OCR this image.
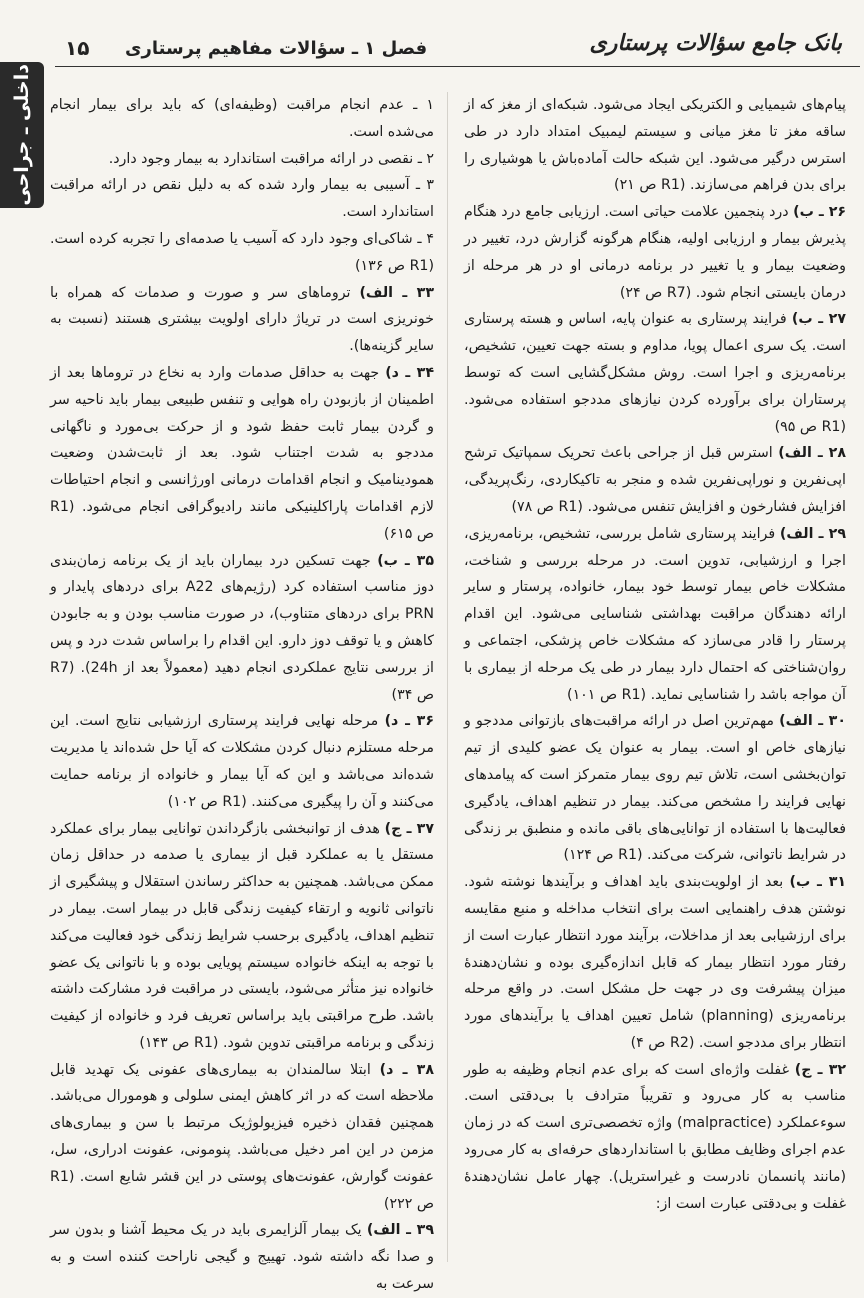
بانک جامع سؤالات پرستاری
فصل ۱ ـ سؤالات مفاهیم پرستاری
۱۵
داخلی ـ جراحی	پیام‌های شیمیایی و الکتریکی ایجاد می‌شود. شبکه‌ای از مغز که از ساقه مغز تا مغز میانی و سیستم لیمبیک امتداد دارد در طی استرس درگیر می‌شود. این شبکه حالت آماده‌باش یا هوشیاری را برای بدن فراهم می‌سازند. (R1 ص ۲۱)

۲۶ ـ ب) درد پنجمین علامت حیاتی است. ارزیابی جامع درد هنگام پذیرش بیمار و ارزیابی اولیه، هنگام هرگونه گزارش درد، تغییر در وضعیت بیمار و یا تغییر در برنامه درمانی او در هر مرحله از درمان بایستی انجام شود. (R7 ص ۲۴)

۲۷ ـ ب) فرایند پرستاری به عنوان پایه، اساس و هسته پرستاری است. یک سری اعمال پویا، مداوم و بسته جهت تعیین، تشخیص، برنامه‌ریزی و اجرا است. روش مشکل‌گشایی است که توسط پرستاران برای برآورده کردن نیازهای مددجو استفاده می‌شود. (R1 ص ۹۵)

۲۸ ـ الف) استرس قبل از جراحی باعث تحریک سمپاتیک ترشح اپی‌نفرین و نوراپی‌نفرین شده و منجر به تاکیکاردی، رنگ‌پریدگی، افزایش فشارخون و افزایش تنفس می‌شود. (R1 ص ۷۸)

۲۹ ـ الف) فرایند پرستاری شامل بررسی، تشخیص، برنامه‌ریزی، اجرا و ارزشیابی، تدوین است. در مرحله بررسی و شناخت، مشکلات خاص بیمار توسط خود بیمار، خانواده، پرستار و سایر ارائه دهندگان مراقبت بهداشتی شناسایی می‌شود. این اقدام پرستار را قادر می‌سازد که مشکلات خاص پزشکی، اجتماعی و روان‌شناختی که احتمال دارد بیمار در طی یک مرحله از بیماری با آن مواجه باشد را شناسایی نماید. (R1 ص ۱۰۱)

۳۰ ـ الف) مهم‌ترین اصل در ارائه مراقبت‌های بازتوانی مددجو و نیازهای خاص او است. بیمار به عنوان یک عضو کلیدی از تیم توان‌بخشی است، تلاش تیم روی بیمار متمرکز است که پیامدهای نهایی فرایند را مشخص می‌کند. بیمار در تنظیم اهداف، یادگیری فعالیت‌ها با استفاده از توانایی‌های باقی مانده و منطبق بر زندگی در شرایط ناتوانی، شرکت می‌کند. (R1 ص ۱۲۴)

۳۱ ـ ب) بعد از اولویت‌بندی باید اهداف و برآیندها نوشته شود. نوشتن هدف راهنمایی است برای انتخاب مداخله و منبع مقایسه برای ارزشیابی بعد از مداخلات، برآیند مورد انتظار عبارت است از رفتار مورد انتظار بیمار که قابل اندازه‌گیری بوده و نشان‌دهندهٔ میزان پیشرفت وی در جهت حل مشکل است. در واقع مرحله برنامه‌ریزی (planning) شامل تعیین اهداف یا برآیندهای مورد انتظار برای مددجو است. (R2 ص ۴)

۳۲ ـ ج) غفلت واژه‌ای است که برای عدم انجام وظیفه به طور مناسب به کار می‌رود و تقریباً مترادف با بی‌دقتی است. سوءعملکرد (malpractice) واژه تخصصی‌تری است که در زمان عدم اجرای وظایف مطابق با استانداردهای حرفه‌ای به کار می‌رود (مانند پانسمان نادرست و غیراستریل). چهار عامل نشان‌دهندهٔ غفلت و بی‌دقتی عبارت است از:

۱ ـ عدم انجام مراقبت (وظیفه‌ای) که باید برای بیمار انجام می‌شده است.

۲ ـ نقصی در ارائه مراقبت استاندارد به بیمار وجود دارد.

۳ ـ آسیبی به بیمار وارد شده که به دلیل نقص در ارائه مراقبت استاندارد است.

۴ ـ شاکی‌ای وجود دارد که آسیب یا صدمه‌ای را تجربه کرده است. (R1 ص ۱۳۶)

۳۳ ـ الف) تروماهای سر و صورت و صدمات که همراه با خونریزی است در تریاژ دارای اولویت بیشتری هستند (نسبت به سایر گزینه‌ها).

۳۴ ـ د) جهت به حداقل صدمات وارد به نخاع در تروماها بعد از اطمینان از بازبودن راه هوایی و تنفس طبیعی بیمار باید ناحیه سر و گردن بیمار ثابت حفظ شود و از حرکت بی‌مورد و ناگهانی مددجو به شدت اجتناب شود. بعد از ثابت‌شدن وضعیت همودینامیک و انجام اقدامات درمانی اورژانسی و انجام احتیاطات لازم اقدامات پاراکلینیکی مانند رادیوگرافی انجام می‌شود. (R1 ص ۶۱۵)

۳۵ ـ ب) جهت تسکین درد بیماران باید از یک برنامه زمان‌بندی دوز مناسب استفاده کرد (رژیم‌های A22 برای دردهای پایدار و PRN برای دردهای متناوب)، در صورت مناسب بودن و به جابودن کاهش و یا توقف دوز دارو. این اقدام را براساس شدت درد و پس از بررسی نتایج عملکردی انجام دهید (معمولاً بعد از 24h). (R7 ص ۳۴)

۳۶ ـ د) مرحله نهایی فرایند پرستاری ارزشیابی نتایج است. این مرحله مستلزم دنبال کردن مشکلات که آیا حل شده‌اند یا مدیریت شده‌اند می‌باشد و این که آیا بیمار و خانواده از برنامه حمایت می‌کنند و آن را پیگیری می‌کنند. (R1 ص ۱۰۲)

۳۷ ـ ج) هدف از توانبخشی بازگرداندن توانایی بیمار برای عملکرد مستقل یا به عملکرد قبل از بیماری یا صدمه در حداقل زمان ممکن می‌باشد. همچنین به حداکثر رساندن استقلال و پیشگیری از ناتوانی ثانویه و ارتقاء کیفیت زندگی قابل در بیمار است. بیمار در تنظیم اهداف، یادگیری برحسب شرایط زندگی خود فعالیت می‌کند با توجه به اینکه خانواده سیستم پویایی بوده و با ناتوانی یک عضو خانواده نیز متأثر می‌شود، بایستی در مراقبت فرد مشارکت داشته باشد. طرح مراقبتی باید براساس تعریف فرد و خانواده از کیفیت زندگی و برنامه مراقبتی تدوین شود. (R1 ص ۱۴۳)

۳۸ ـ د) ابتلا سالمندان به بیماری‌های عفونی یک تهدید قابل ملاحظه است که در اثر کاهش ایمنی سلولی و هومورال می‌باشد. همچنین فقدان ذخیره فیزیولوژیک مرتبط با سن و بیماری‌های مزمن در این امر دخیل می‌باشد. پنومونی، عفونت ادراری، سل، عفونت گوارش، عفونت‌های پوستی در این قشر شایع است. (R1 ص ۲۲۲)

۳۹ ـ الف) یک بیمار آلزایمری باید در یک محیط آشنا و بدون سر و صدا نگه داشته شود. تهییج و گیجی ناراحت کننده است و به سرعت به
